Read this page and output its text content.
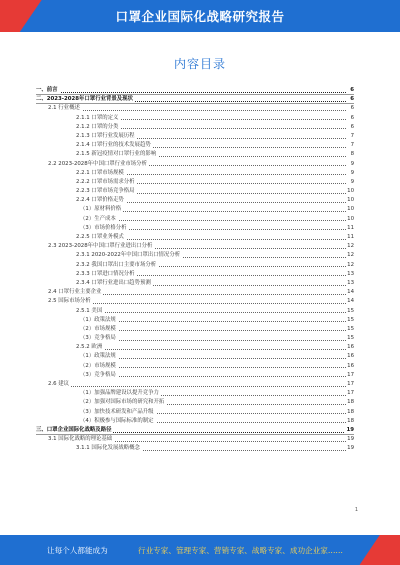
口罩企业国际化战略研究报告
内容目录
一、前言	6
二、2023-2028年口罩行业背景及现状	6
2.1 行业概述	6
2.1.1 口罩的定义	6
2.1.2 口罩的分类	6
2.1.3 口罩行业发展历程	7
2.1.4 口罩行业的技术发展趋势	7
2.1.5 新冠疫情对口罩行业的影响	8
2.2 2023-2028年中国口罩行业市场分析	9
2.2.1 口罩市场规模	9
2.2.2 口罩市场需求分析	9
2.2.3 口罩市场竞争格局	10
2.2.4 口罩价格走势	10
（1）原材料价格	10
（2）生产成本	10
（3）市场价格分析	11
2.2.5 口罩业务模式	11
2.3 2023-2028年中国口罩行业进出口分析	12
2.3.1 2020-2022年中国口罩出口情况分析	12
2.3.2 我国口罩出口主要市场分析	12
2.3.3 口罩进口情况分析	13
2.3.4 口罩行业进出口趋势预测	13
2.4 口罩行业主要企业	14
2.5 国际市场分析	14
2.5.1 美国	15
（1）政策法规	15
（2）市场规模	15
（3）竞争格局	15
2.5.2 欧洲	16
（1）政策法规	16
（2）市场规模	16
（3）竞争格局	17
2.6 建议	17
（1）加强品牌建设以提升竞争力	17
（2）加强对国际市场的研究和开拓	18
（3）加快技术研发和产品升级	18
（4）积极参与国际标准的制定	18
三、口罩企业国际化战略及路径	19
3.1 国际化战略的理论基础	19
3.1.1 国际化发展战略概念	19
1
让每个人都能成为	行业专家、管理专家、营销专家、战略专家、成功企业家……
